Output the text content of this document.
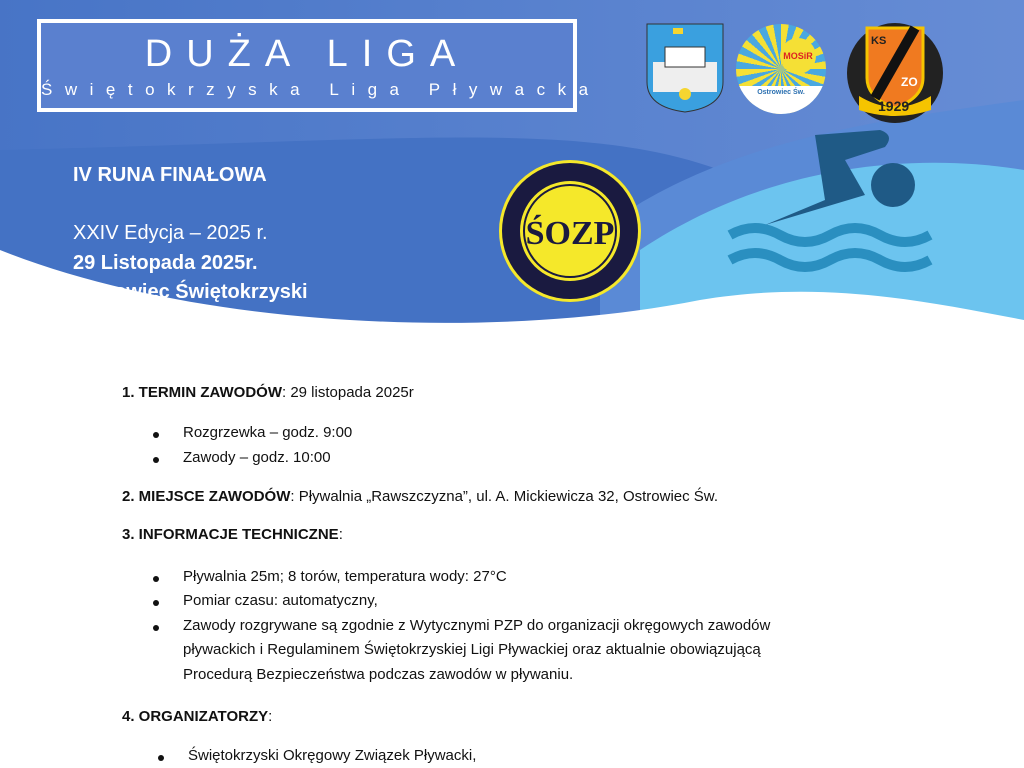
DUŻA LIGA
Świętokrzyska Liga Pływacka
IV RUNA FINAŁOWA
XXIV Edycja – 2025 r.
29 Listopada 2025r.
Ostrowiec Świętokrzyski
MOSiR
Ostrowiec Św.
KS
ZO
1929
ŚOZP
1. TERMIN ZAWODÓW: 29 listopada 2025r
Rozgrzewka – godz. 9:00
Zawody – godz. 10:00
2. MIEJSCE ZAWODÓW: Pływalnia „Rawszczyzna”, ul. A. Mickiewicza 32, Ostrowiec Św.
3. INFORMACJE TECHNICZNE:
Pływalnia 25m; 8 torów, temperatura wody: 27°C
Pomiar czasu: automatyczny,
Zawody rozgrywane są zgodnie z Wytycznymi PZP do organizacji okręgowych zawodów
pływackich i Regulaminem Świętokrzyskiej Ligi Pływackiej oraz aktualnie obowiązującą
Procedurą Bezpieczeństwa podczas zawodów w pływaniu.
4. ORGANIZATORZY:
Świętokrzyski Okręgowy Związek Pływacki,
